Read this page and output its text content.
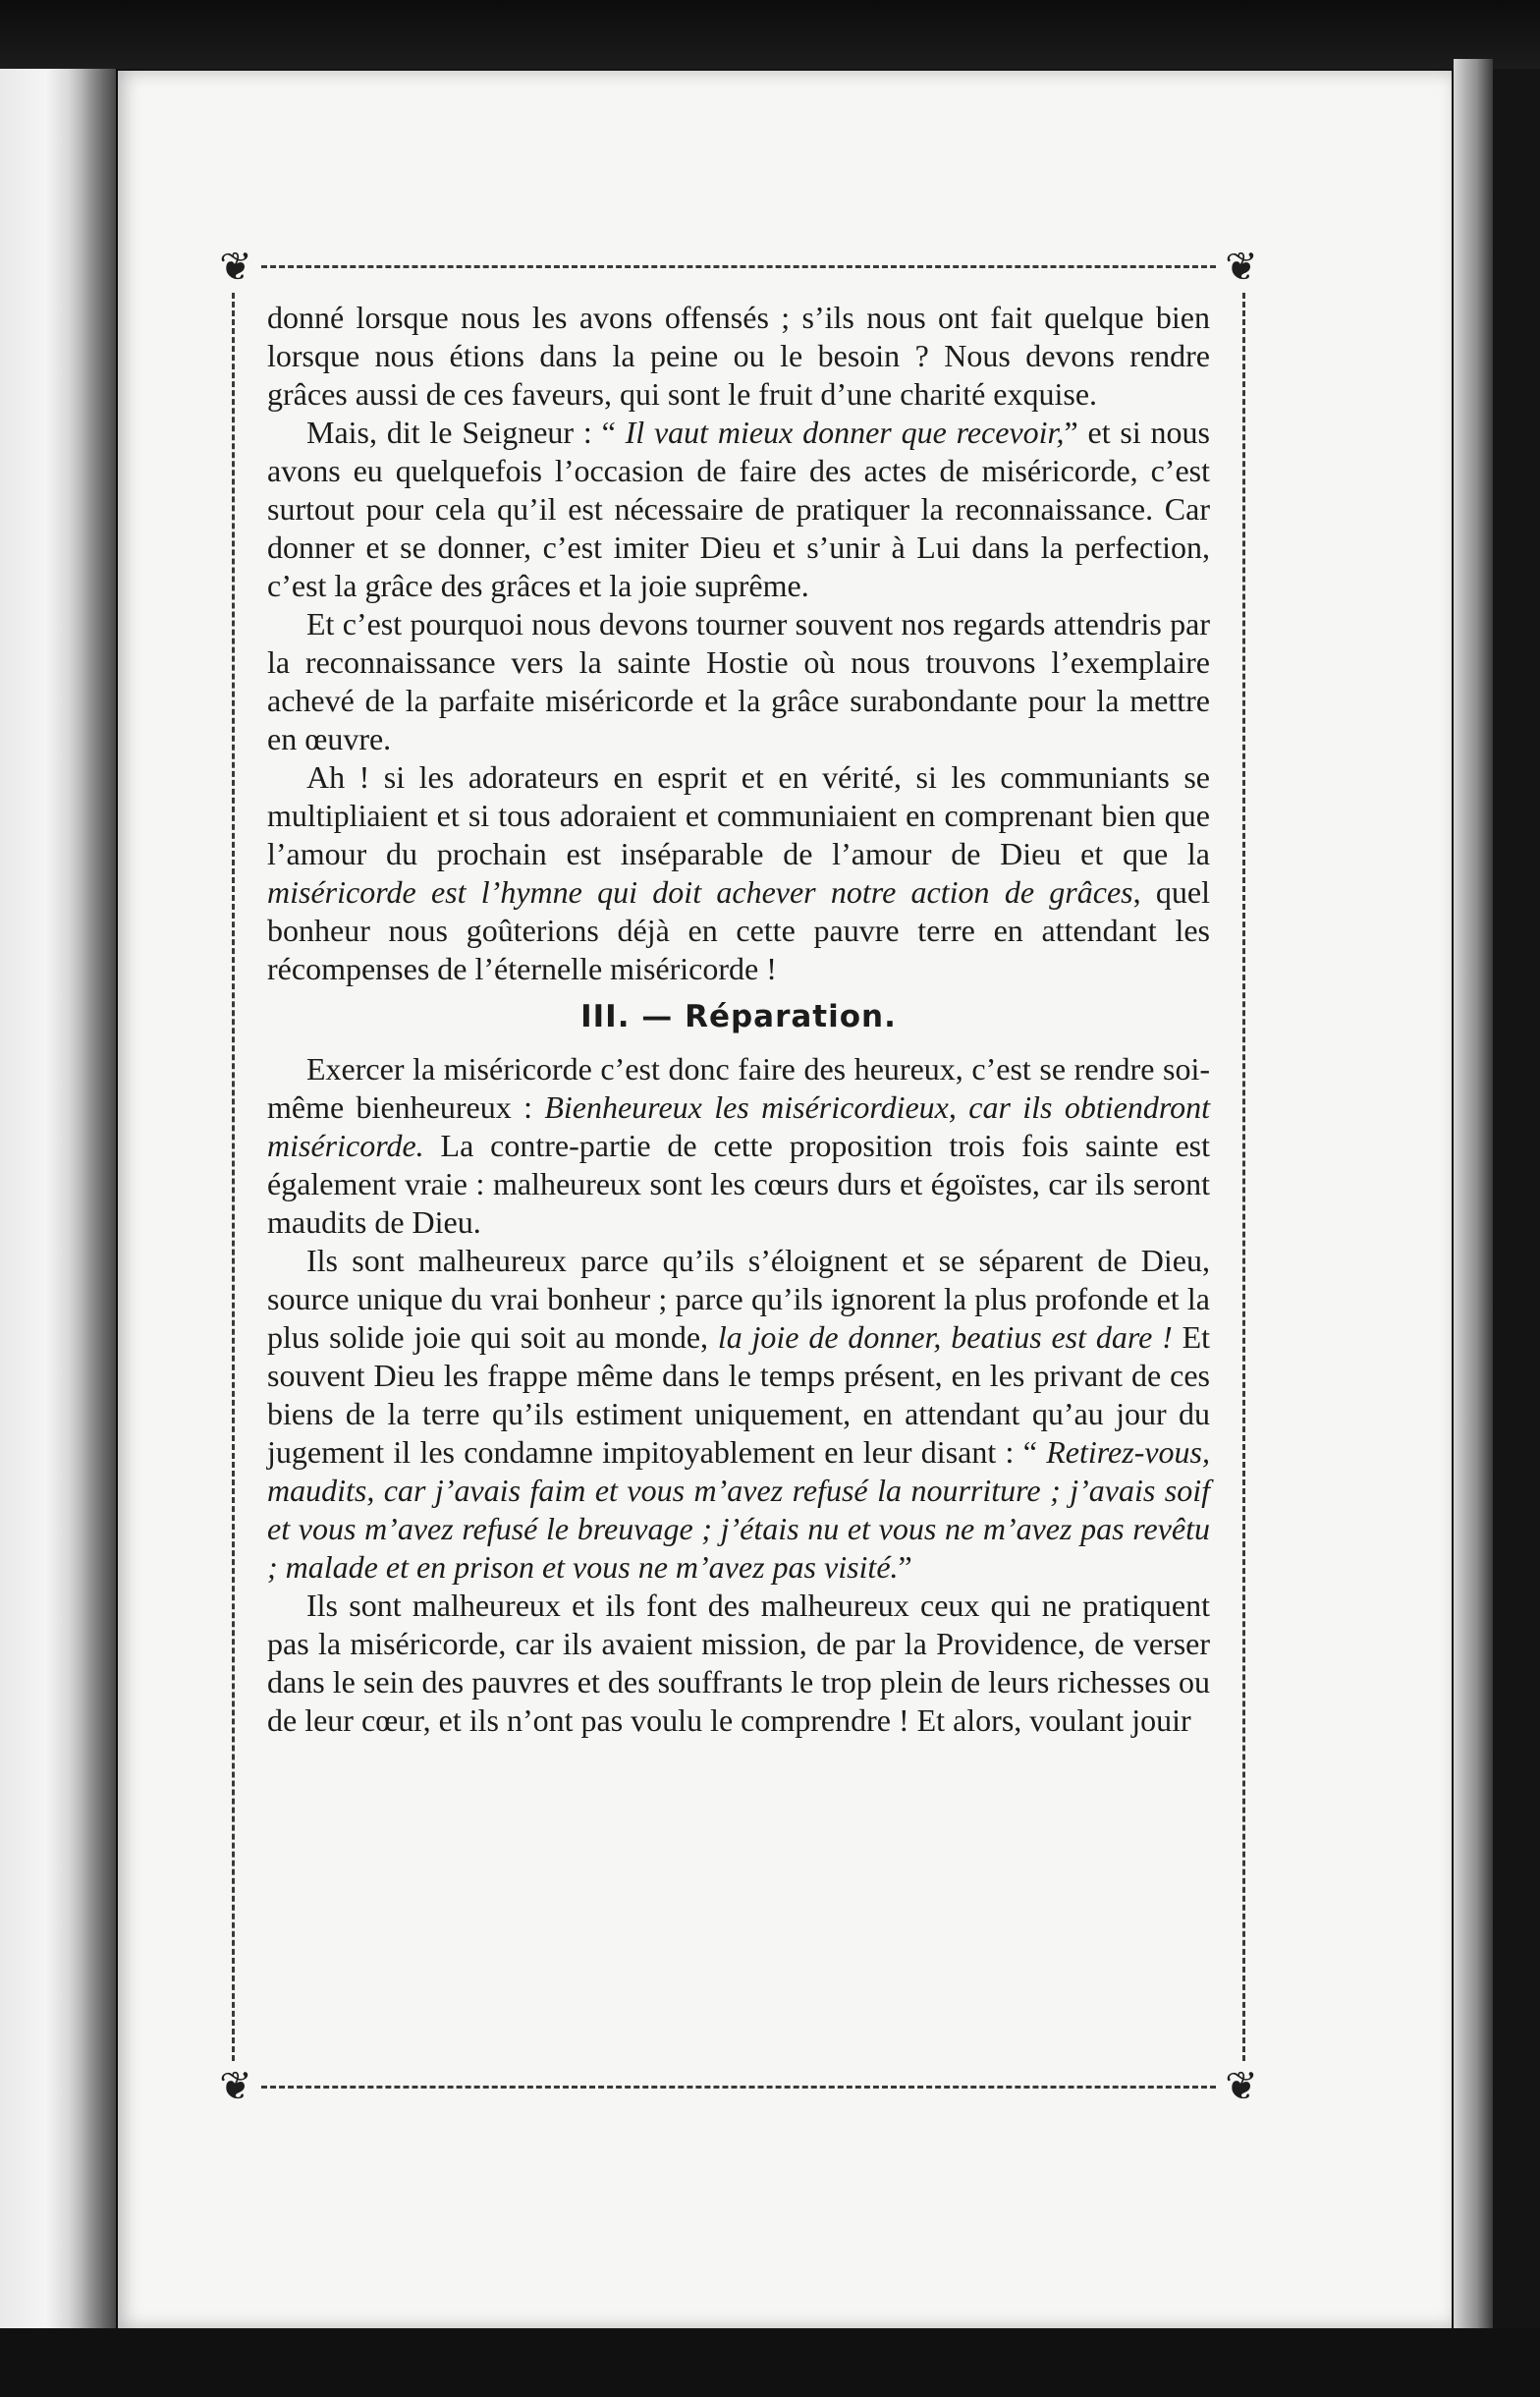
❦	❦
❦	❦

donné lorsque nous les avons offensés ; s’ils nous ont fait quelque bien lorsque nous étions dans la peine ou le besoin ? Nous devons rendre grâces aussi de ces faveurs, qui sont le fruit d’une charité exquise.

Mais, dit le Seigneur : “ Il vaut mieux donner que recevoir,” et si nous avons eu quelquefois l’occasion de faire des actes de miséricorde, c’est surtout pour cela qu’il est nécessaire de pratiquer la reconnaissance. Car donner et se donner, c’est imiter Dieu et s’unir à Lui dans la perfection, c’est la grâce des grâces et la joie suprême.

Et c’est pourquoi nous devons tourner souvent nos regards attendris par la reconnaissance vers la sainte Hostie où nous trouvons l’exemplaire achevé de la parfaite miséricorde et la grâce surabondante pour la mettre en œuvre.

Ah ! si les adorateurs en esprit et en vérité, si les communiants se multipliaient et si tous adoraient et communiaient en comprenant bien que l’amour du prochain est inséparable de l’amour de Dieu et que la miséricorde est l’hymne qui doit achever notre action de grâces, quel bonheur nous goûterions déjà en cette pauvre terre en attendant les récompenses de l’éternelle miséricorde !

III. — Réparation.

Exercer la miséricorde c’est donc faire des heureux, c’est se rendre soi-même bienheureux : Bienheureux les miséricordieux, car ils obtiendront miséricorde. La contre-partie de cette proposition trois fois sainte est également vraie : malheureux sont les cœurs durs et égoïstes, car ils seront maudits de Dieu.

Ils sont malheureux parce qu’ils s’éloignent et se séparent de Dieu, source unique du vrai bonheur ; parce qu’ils ignorent la plus profonde et la plus solide joie qui soit au monde, la joie de donner, beatius est dare ! Et souvent Dieu les frappe même dans le temps présent, en les privant de ces biens de la terre qu’ils estiment uniquement, en attendant qu’au jour du jugement il les condamne impitoyablement en leur disant : “ Retirez-vous, maudits, car j’avais faim et vous m’avez refusé la nourriture ; j’avais soif et vous m’avez refusé le breuvage ; j’étais nu et vous ne m’avez pas revêtu ; malade et en prison et vous ne m’avez pas visité.”

Ils sont malheureux et ils font des malheureux ceux qui ne pratiquent pas la miséricorde, car ils avaient mission, de par la Providence, de verser dans le sein des pauvres et des souffrants le trop plein de leurs richesses ou de leur cœur, et ils n’ont pas voulu le comprendre ! Et alors, voulant jouir
